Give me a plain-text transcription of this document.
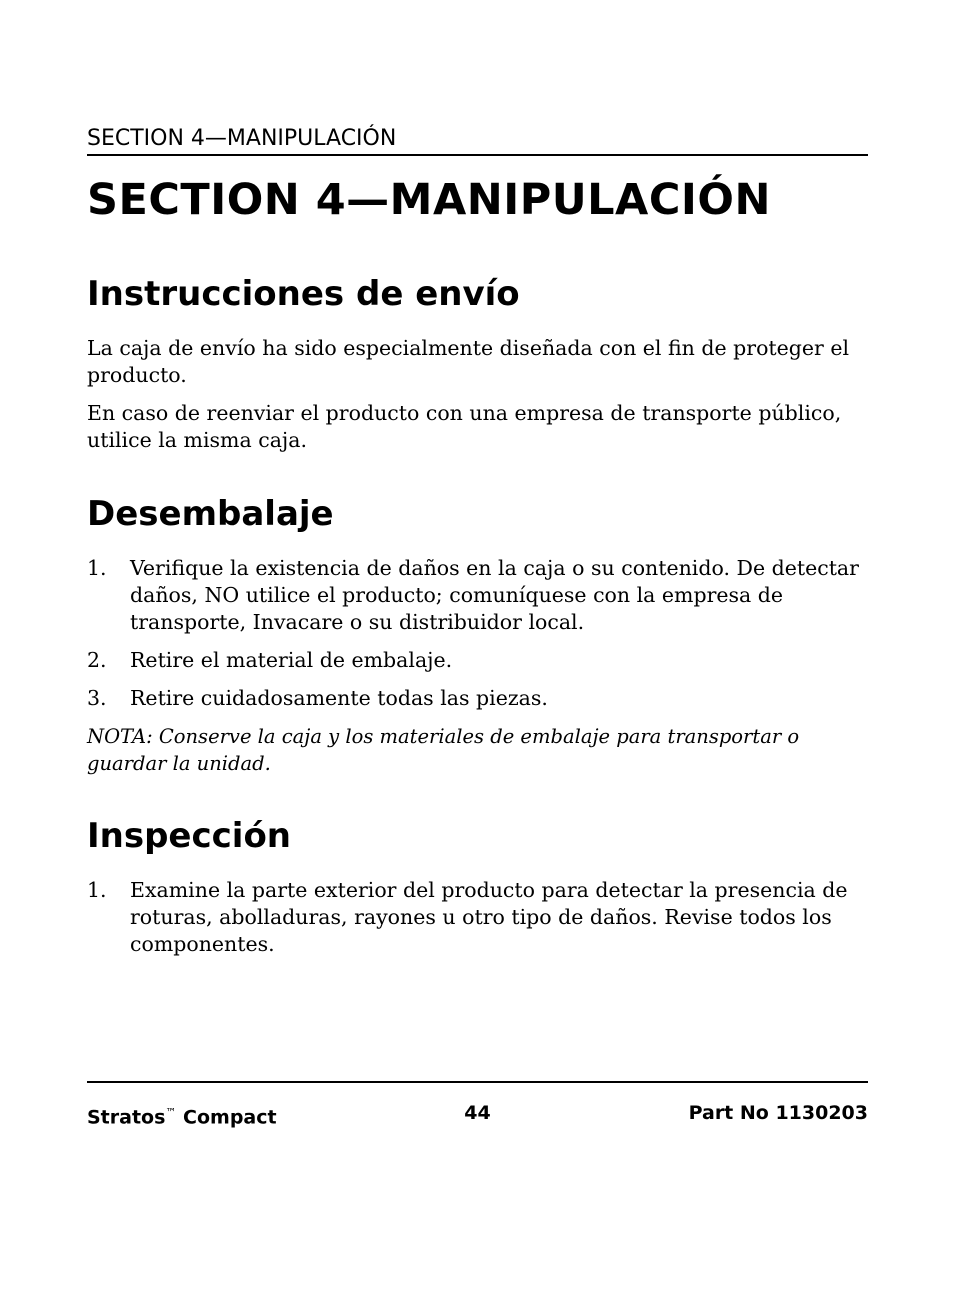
SECTION 4—MANIPULACIÓN
SECTION 4—MANIPULACIÓN
Instrucciones de envío

La caja de envío ha sido especialmente diseñada con el fin de proteger el producto.

En caso de reenviar el producto con una empresa de transporte público, utilice la misma caja.

Desembalaje
1. Verifique la existencia de daños en la caja o su contenido. De detectar daños, NO utilice el producto; comuníquese con la empresa de transporte, Invacare o su distribuidor local.
2. Retire el material de embalaje.
3. Retire cuidadosamente todas las piezas.

NOTA: Conserve la caja y los materiales de embalaje para transportar o guardar la unidad.

Inspección
1. Examine la parte exterior del producto para detectar la presencia de roturas, abolladuras, rayones u otro tipo de daños. Revise todos los componentes.
Stratos™ Compact	44	Part No 1130203
